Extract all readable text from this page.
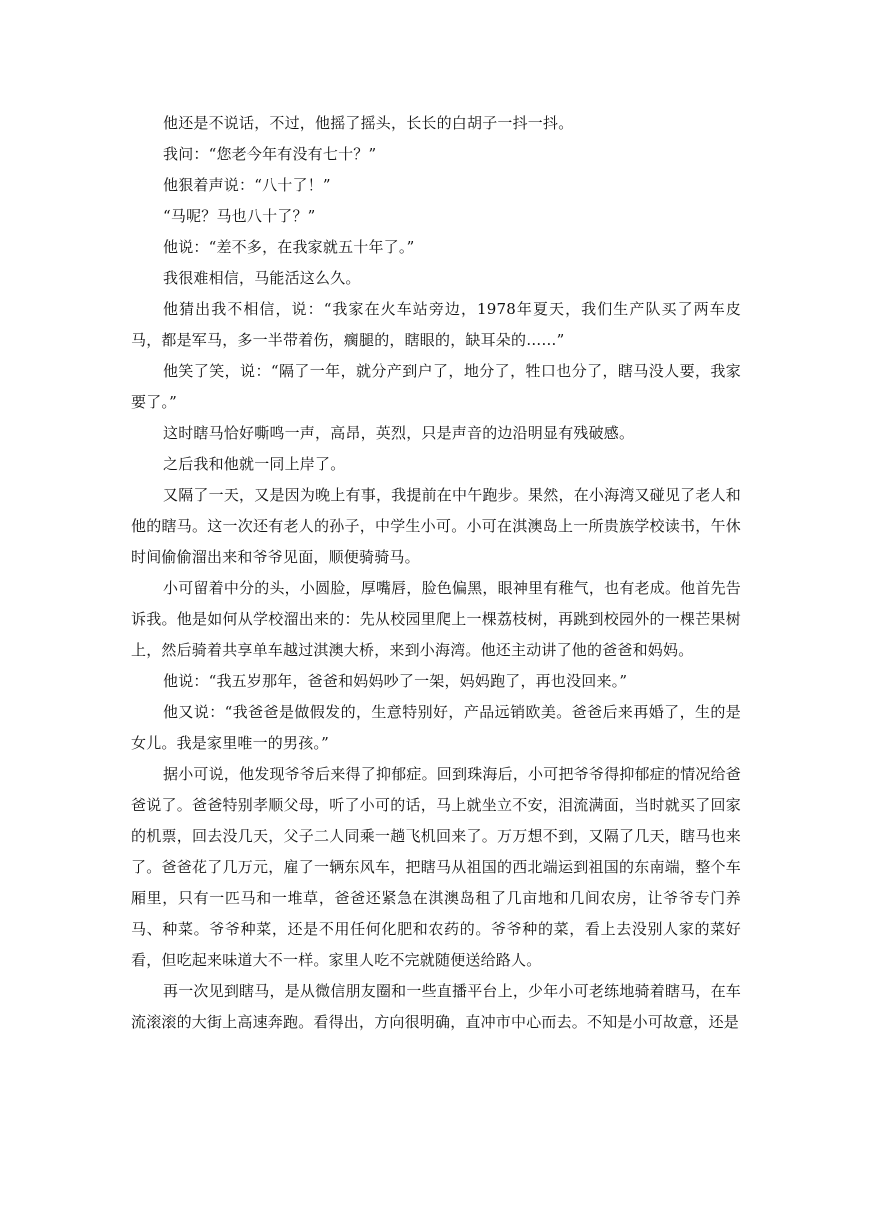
他还是不说话，不过，他摇了摇头，长长的白胡子一抖一抖。

我问：“您老今年有没有七十？”

他狠着声说：“八十了！”

“马呢？马也八十了？”

他说：“差不多，在我家就五十年了。”

我很难相信，马能活这么久。

他猜出我不相信，说：“我家在火车站旁边，1978年夏天，我们生产队买了两车皮马，都是军马，多一半带着伤，瘸腿的，瞎眼的，缺耳朵的……”

他笑了笑，说：“隔了一年，就分产到户了，地分了，牲口也分了，瞎马没人要，我家要了。”

这时瞎马恰好嘶鸣一声，高昂，英烈，只是声音的边沿明显有残破感。

之后我和他就一同上岸了。

又隔了一天，又是因为晚上有事，我提前在中午跑步。果然，在小海湾又碰见了老人和他的瞎马。这一次还有老人的孙子，中学生小可。小可在淇澳岛上一所贵族学校读书，午休时间偷偷溜出来和爷爷见面，顺便骑骑马。

小可留着中分的头，小圆脸，厚嘴唇，脸色偏黑，眼神里有稚气，也有老成。他首先告诉我。他是如何从学校溜出来的：先从校园里爬上一棵荔枝树，再跳到校园外的一棵芒果树上，然后骑着共享单车越过淇澳大桥，来到小海湾。他还主动讲了他的爸爸和妈妈。

他说：“我五岁那年，爸爸和妈妈吵了一架，妈妈跑了，再也没回来。”

他又说：“我爸爸是做假发的，生意特别好，产品远销欧美。爸爸后来再婚了，生的是女儿。我是家里唯一的男孩。”

据小可说，他发现爷爷后来得了抑郁症。回到珠海后，小可把爷爷得抑郁症的情况给爸爸说了。爸爸特别孝顺父母，听了小可的话，马上就坐立不安，泪流满面，当时就买了回家的机票，回去没几天，父子二人同乘一趟飞机回来了。万万想不到，又隔了几天，瞎马也来了。爸爸花了几万元，雇了一辆东风车，把瞎马从祖国的西北端运到祖国的东南端，整个车厢里，只有一匹马和一堆草，爸爸还紧急在淇澳岛租了几亩地和几间农房，让爷爷专门养马、种菜。爷爷种菜，还是不用任何化肥和农药的。爷爷种的菜，看上去没别人家的菜好看，但吃起来味道大不一样。家里人吃不完就随便送给路人。

再一次见到瞎马，是从微信朋友圈和一些直播平台上，少年小可老练地骑着瞎马，在车流滚滚的大街上高速奔跑。看得出，方向很明确，直冲市中心而去。不知是小可故意，还是
